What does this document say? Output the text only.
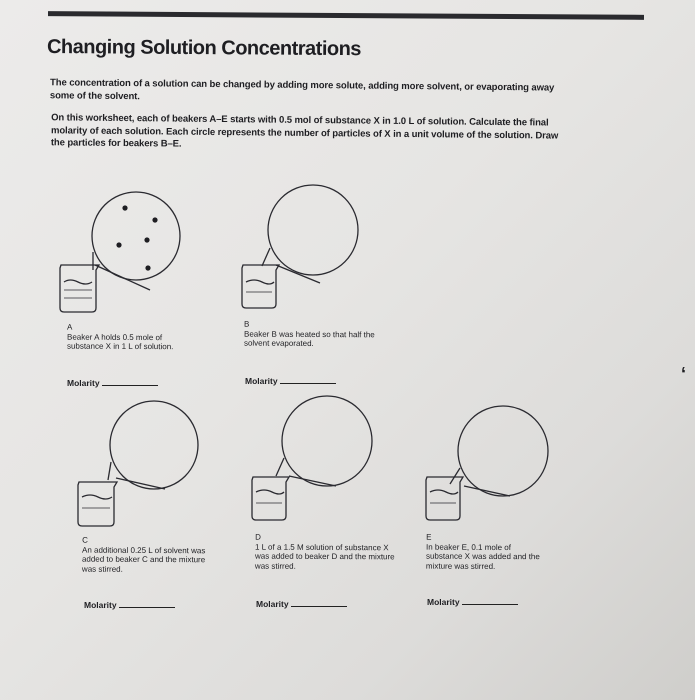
Changing Solution Concentrations
The concentration of a solution can be changed by adding more solute, adding more solvent, or evaporating away some of the solvent.
On this worksheet, each of beakers A–E starts with 0.5 mol of substance X in 1.0 L of solution. Calculate the final molarity of each solution. Each circle represents the number of particles of X in a unit volume of the solution. Draw the particles for beakers B–E.
A
Beaker A holds 0.5 mole of substance X in 1 L of solution.
Molarity
B
Beaker B was heated so that half the solvent evaporated.
Molarity
C
An additional 0.25 L of solvent was added to beaker C and the mixture was stirred.
Molarity
D
1 L of a 1.5 M solution of substance X was added to beaker D and the mixture was stirred.
Molarity
E
In beaker E, 0.1 mole of substance X was added and the mixture was stirred.
Molarity
‘
